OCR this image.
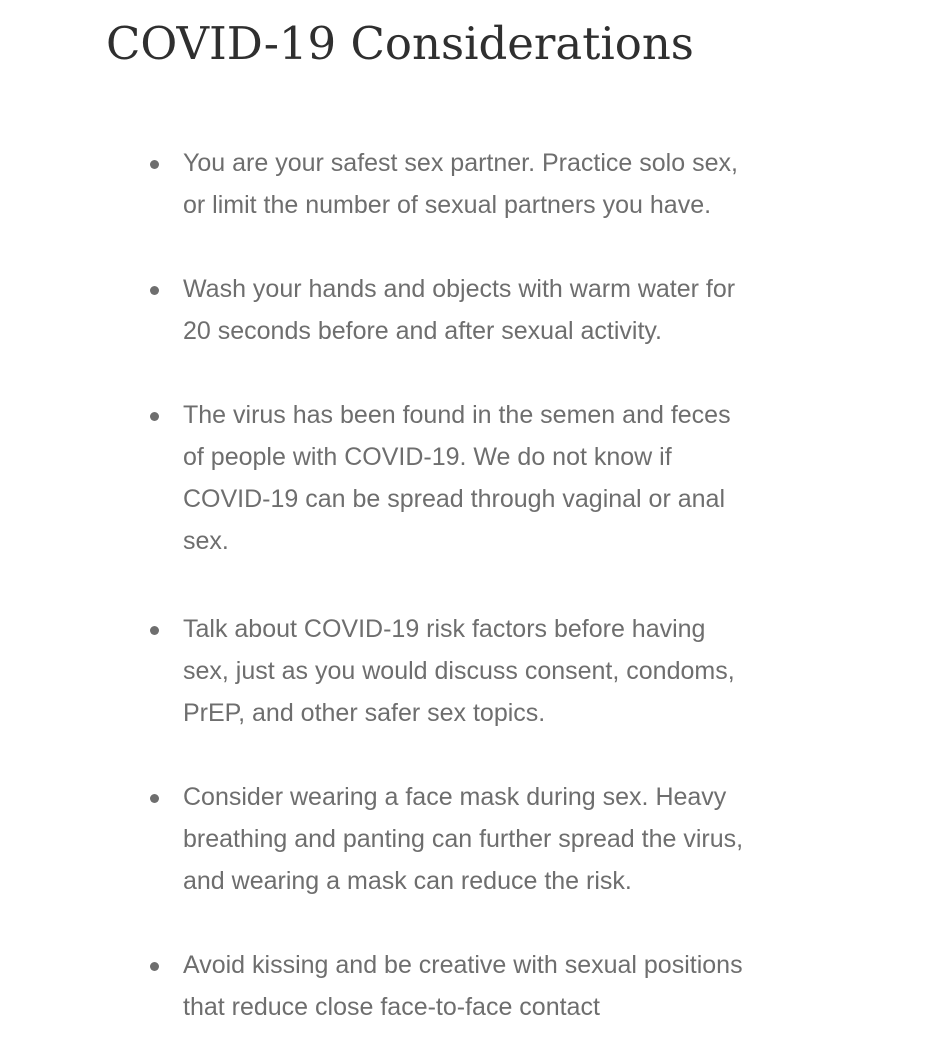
COVID-19 Considerations
You are your safest sex partner. Practice solo sex,
or limit the number of sexual partners you have.
Wash your hands and objects with warm water for
20 seconds before and after sexual activity.
The virus has been found in the semen and feces
of people with COVID-19. We do not know if
COVID-19 can be spread through vaginal or anal
sex.
Talk about COVID-19 risk factors before having
sex, just as you would discuss consent, condoms,
PrEP, and other safer sex topics.
Consider wearing a face mask during sex. Heavy
breathing and panting can further spread the virus,
and wearing a mask can reduce the risk.
Avoid kissing and be creative with sexual positions
that reduce close face-to-face contact
